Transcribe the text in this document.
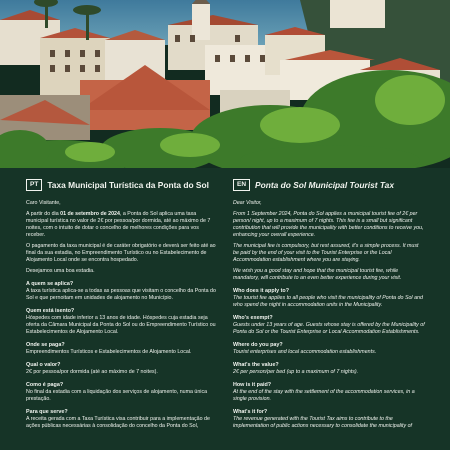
PT	Taxa Municipal Turística da Ponta do Sol

Caro Visitante,

A partir do dia 01 de setembro de 2024, a Ponta do Sol aplica uma taxa municipal turística no valor de 2€ por pessoa/por dormida, até ao máximo de 7 noites, com o intuito de dotar o concelho de melhores condições para vos receber.

O pagamento da taxa municipal é de caráter obrigatório e deverá ser feito até ao final da sua estadia, no Empreendimento Turístico ou no Estabelecimento de Alojamento Local onde se encontra hospedado.

Desejamos uma boa estadia.

A quem se aplica?

A taxa turística aplica-se a todas as pessoas que visitam o concelho da Ponta do Sol e que pernoitam em unidades de alojamento no Município.

Quem está isento?

Hóspedes com idade inferior a 13 anos de idade. Hóspedes cuja estadia seja oferta da Câmara Municipal da Ponta do Sol ou do Empreendimento Turístico ou Estabelecimentos de Alojamento Local.

Onde se paga?

Empreendimentos Turísticos e Estabelecimentos de Alojamento Local.

Qual o valor?

2€ por pessoa/por dormida (até ao máximo de 7 noites).

Como é paga?

No final da estadia com a liquidação dos serviços de alojamento, numa única prestação.

Para que serve?

A receita gerada com a Taxa Turística visa contribuir para a implementação de ações públicas necessárias à consolidação do concelho da Ponta do Sol,

EN	Ponta do Sol Municipal Tourist Tax

Dear Visitor,

From 1 September 2024, Ponta do Sol applies a municipal tourist fee of 2€ per person/ night, up to a maximum of 7 nights. This fee is a small but significant contribution that will provide the municipality with better conditions to receive you, enhancing your overall experience.

The municipal fee is compulsory, but rest assured, it's a simple process. It must be paid by the end of your visit to the Tourist Enterprise or the Local Accommodation establishment where you are staying.

We wish you a good stay and hope that the municipal tourist fee, while mandatory, will contribute to an even better experience during your visit.

Who does it apply to?

The tourist fee applies to all people who visit the municipality of Ponta do Sol and who spend the night in accommodation units in the Municipality.

Who's exempt?

Guests under 13 years of age. Guests whose stay is offered by the Municipality of Ponta do Sol or the Tourist Enterprise or Local Accommodation Establishments.

Where do you pay?

Tourist enterprises and local accommodation establishments.

What's the value?

2€ per person/per bed (up to a maximum of 7 nights).

How is it paid?

At the end of the stay with the settlement of the accommodation services, in a single provision.

What's it for?

The revenue generated with the Tourist Tax aims to contribute to the implementation of public actions necessary to consolidate the municipality of
